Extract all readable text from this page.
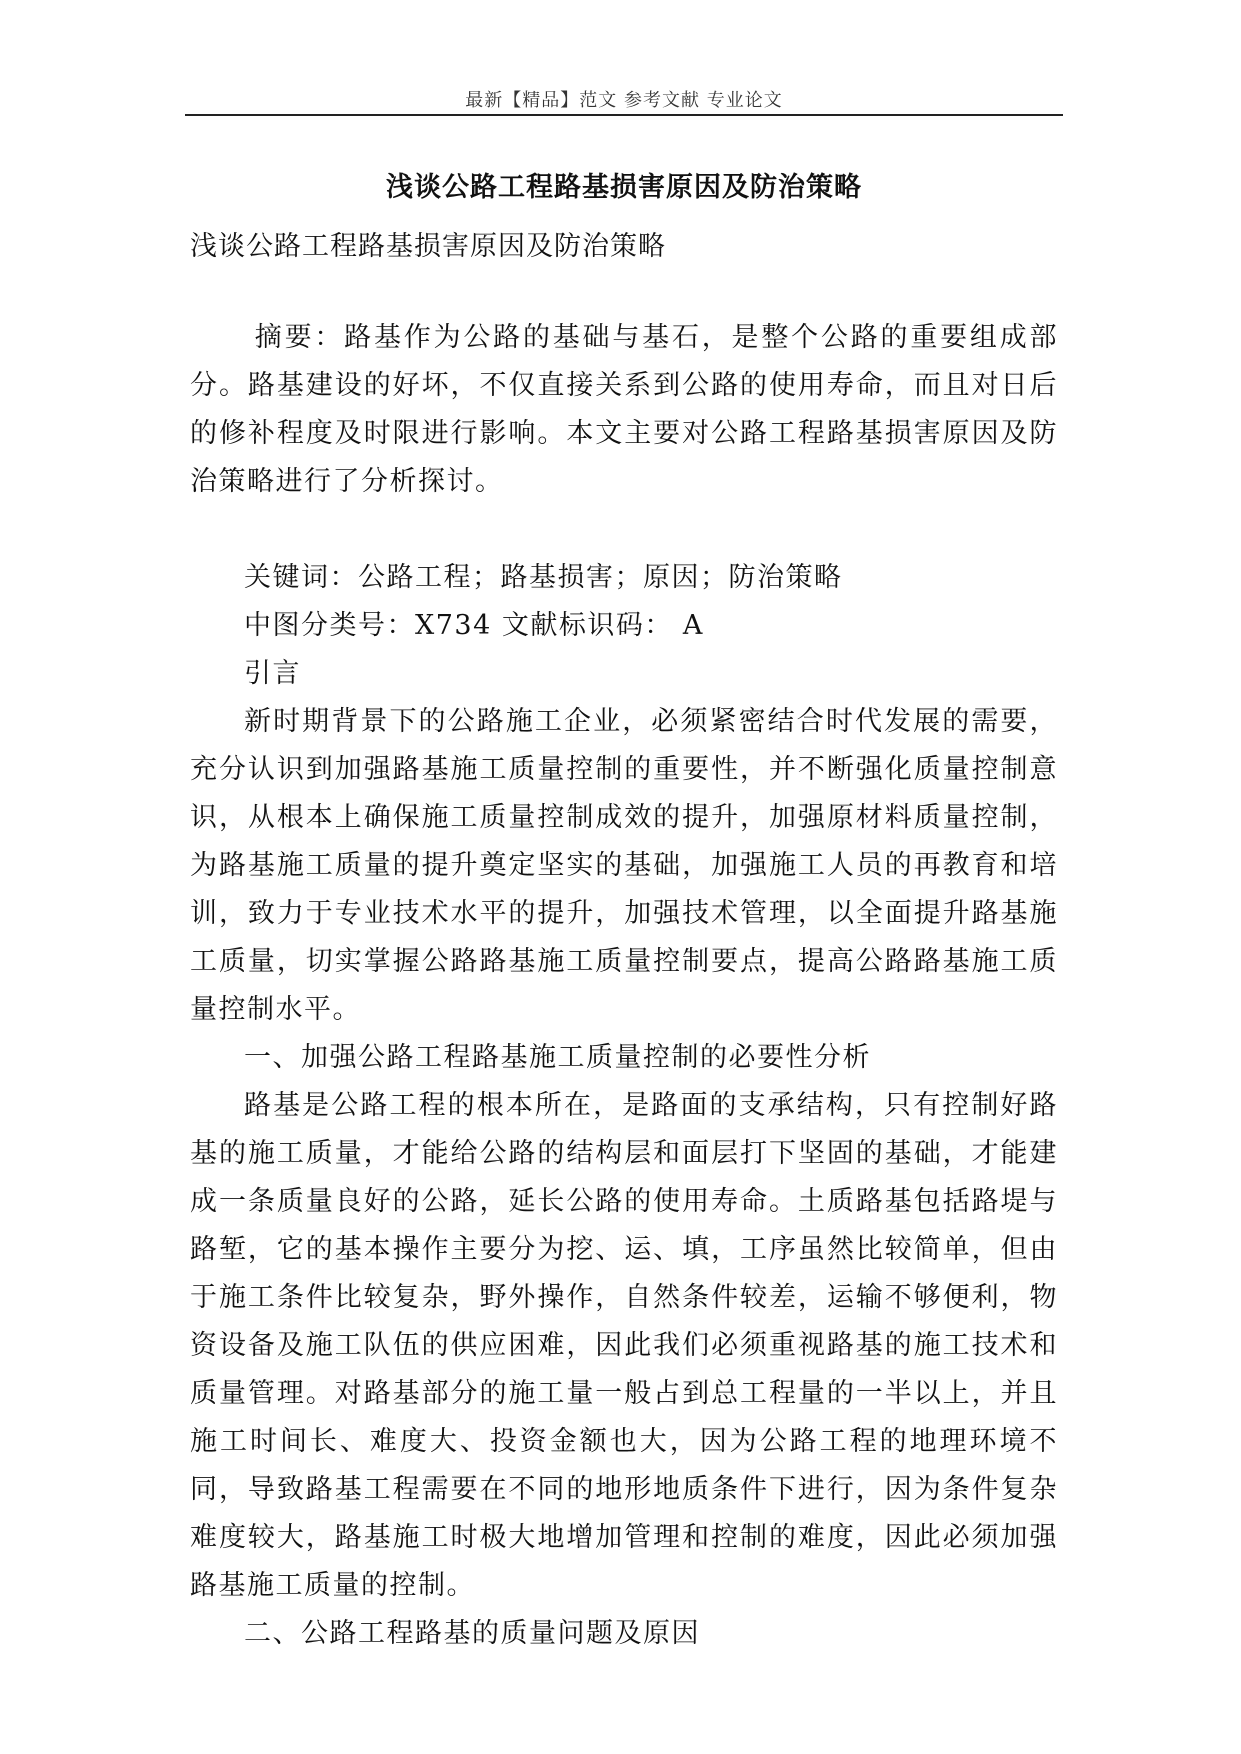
最新【精品】范文 参考文献 专业论文
浅谈公路工程路基损害原因及防治策略
浅谈公路工程路基损害原因及防治策略

摘要：路基作为公路的基础与基石，是整个公路的重要组成部分。路基建设的好坏，不仅直接关系到公路的使用寿命，而且对日后的修补程度及时限进行影响。本文主要对公路工程路基损害原因及防治策略进行了分析探讨。

关键词：公路工程；路基损害；原因；防治策略

中图分类号：X734 文献标识码： A

引言

新时期背景下的公路施工企业，必须紧密结合时代发展的需要，充分认识到加强路基施工质量控制的重要性，并不断强化质量控制意识，从根本上确保施工质量控制成效的提升，加强原材料质量控制，为路基施工质量的提升奠定坚实的基础，加强施工人员的再教育和培训，致力于专业技术水平的提升，加强技术管理，以全面提升路基施工质量，切实掌握公路路基施工质量控制要点，提高公路路基施工质量控制水平。

一、加强公路工程路基施工质量控制的必要性分析

路基是公路工程的根本所在，是路面的支承结构，只有控制好路基的施工质量，才能给公路的结构层和面层打下坚固的基础，才能建成一条质量良好的公路，延长公路的使用寿命。土质路基包括路堤与路堑，它的基本操作主要分为挖、运、填，工序虽然比较简单，但由于施工条件比较复杂，野外操作，自然条件较差，运输不够便利，物资设备及施工队伍的供应困难，因此我们必须重视路基的施工技术和质量管理。对路基部分的施工量一般占到总工程量的一半以上，并且施工时间长、难度大、投资金额也大，因为公路工程的地理环境不同，导致路基工程需要在不同的地形地质条件下进行，因为条件复杂难度较大，路基施工时极大地增加管理和控制的难度，因此必须加强路基施工质量的控制。

二、公路工程路基的质量问题及原因
